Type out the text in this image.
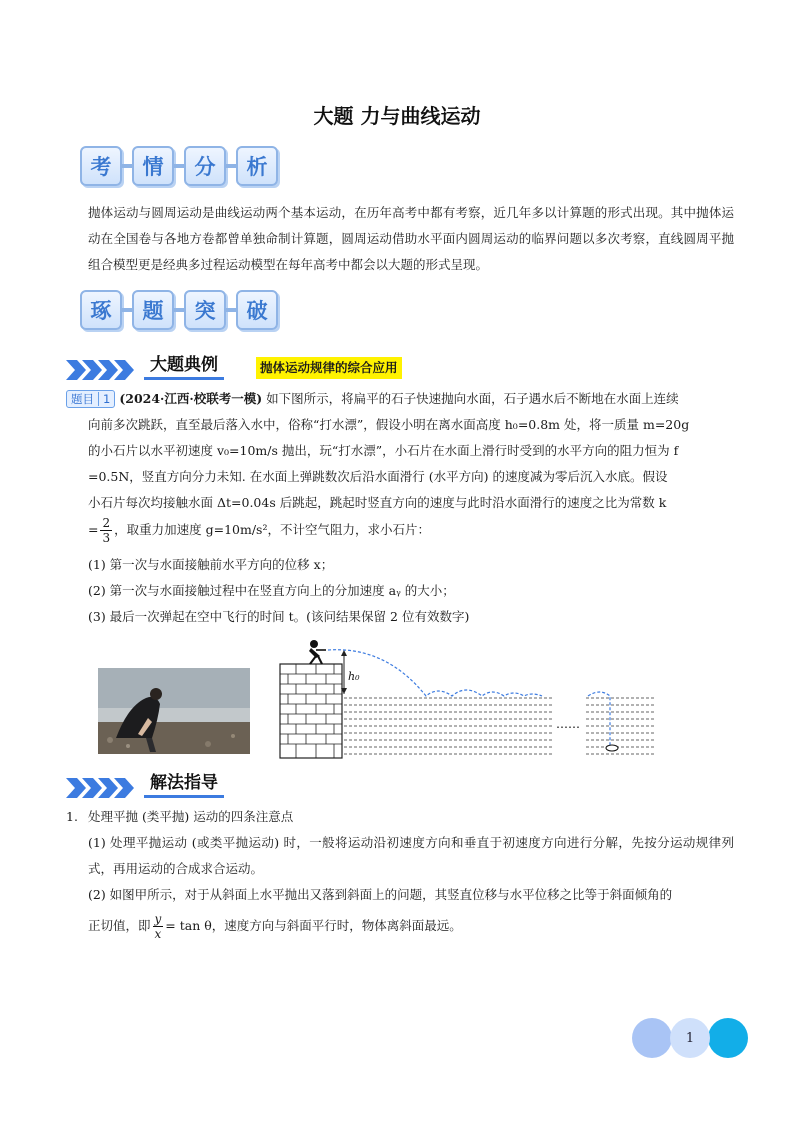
大题 力与曲线运动
考	情	分	析
抛体运动与圆周运动是曲线运动两个基本运动，在历年高考中都有考察，近几年多以计算题的形式出现。其中抛体运动在全国卷与各地方卷都曾单独命制计算题，圆周运动借助水平面内圆周运动的临界问题以多次考察，直线圆周平抛组合模型更是经典多过程运动模型在每年高考中都会以大题的形式呈现。
琢	题	突	破
大题典例	抛体运动规律的综合应用
题目 1 (2024·江西·校联考一模) 如下图所示，将扁平的石子快速抛向水面，石子遇水后不断地在水面上连续
向前多次跳跃，直至最后落入水中，俗称“打水漂”，假设小明在离水面高度 h₀=0.8m 处，将一质量 m=20g
的小石片以水平初速度 v₀=10m/s 抛出，玩“打水漂”，小石片在水面上滑行时受到的水平方向的阻力恒为 f
=0.5N，竖直方向分力未知. 在水面上弹跳数次后沿水面滑行 (水平方向) 的速度减为零后沉入水底。假设
小石片每次均接触水面 Δt=0.04s 后跳起，跳起时竖直方向的速度与此时沿水面滑行的速度之比为常数 k
= $\frac{2}{3}$ ，取重力加速度 g=10m/s²，不计空气阻力，求小石片：
(1) 第一次与水面接触前水平方向的位移 x；
(2) 第一次与水面接触过程中在竖直方向上的分加速度 aᵧ 的大小；
(3) 最后一次弹起在空中飞行的时间 t。(该问结果保留 2 位有效数字)
h₀
……
解法指导
1. 处理平抛 (类平抛) 运动的四条注意点
(1) 处理平抛运动 (或类平抛运动) 时，一般将运动沿初速度方向和垂直于初速度方向进行分解，先按分运动规律列式，再用运动的合成求合运动。
(2) 如图甲所示，对于从斜面上水平抛出又落到斜面上的问题，其竖直位移与水平位移之比等于斜面倾角的
正切值，即 $\frac{y}{x} = \tan \theta$，速度方向与斜面平行时，物体离斜面最远。
1
